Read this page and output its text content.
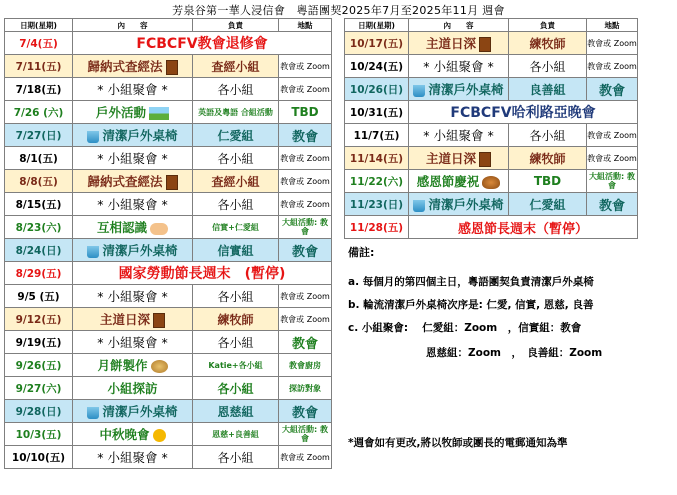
芳泉谷第一華人浸信會　粵語團契2025年7月至2025年11月 週會
日期(星期)	內　　容	負責	地點
7/4(五)	FCBCFV教會退修會		
7/11(五)	歸納式查經法	查經小組	教會或 Zoom
7/18(五)	* 小組聚會 *	各小組	教會或 Zoom
7/26 (六)	戶外活動	英語及粵語 合組活動	TBD
7/27(日)	清潔戶外桌椅	仁愛組	教會
8/1(五)	* 小組聚會 *	各小組	教會或 Zoom
8/8(五)	歸納式查經法	查經小組	教會或 Zoom
8/15(五)	* 小組聚會 *	各小組	教會或 Zoom
8/23(六)	互相認識	信實+仁愛組	大組活動: 教會
8/24(日)	清潔戶外桌椅	信實組	教會
8/29(五)	國家勞動節長週末　(暫停)		
9/5 (五)	* 小組聚會 *	各小組	教會或 Zoom
9/12(五)	主道日深	練牧師	教會或 Zoom
9/19(五)	* 小組聚會 *	各小組	教會
9/26(五)	月餅製作	Katie+各小組	教會廚房
9/27(六)	小組探訪	各小組	探訪對象
9/28(日)	清潔戶外桌椅	恩慈組	教會
10/3(五)	中秋晚會	恩慈+良善組	大組活動: 教會
10/10(五)	* 小組聚會 *	各小組	教會或 Zoom
日期(星期)	內　　容	負責	地點
10/17(五)	主道日深	練牧師	教會或 Zoom
10/24(五)	* 小組聚會 *	各小組	教會或 Zoom
10/26(日)	清潔戶外桌椅	良善組	教會
10/31(五)	FCBCFV哈利路亞晚會		
11/7(五)	* 小組聚會 *	各小組	教會或 Zoom
11/14(五)	主道日深	練牧師	教會或 Zoom
11/22(六)	感恩節慶祝	TBD	大組活動: 教會
11/23(日)	清潔戶外桌椅	仁愛組	教會
11/28(五)	感恩節長週末（暫停）		
備註:
a. 每個月的第四個主日，粵語團契負責清潔戶外桌椅
b. 輪流清潔戶外桌椅次序是: 仁愛, 信實, 恩慈, 良善
c. 小組聚會:　 仁愛組：Zoom　，信實組：教會
恩慈組：Zoom　，　良善組：Zoom
*週會如有更改,將以牧師或團長的電郵通知為準
